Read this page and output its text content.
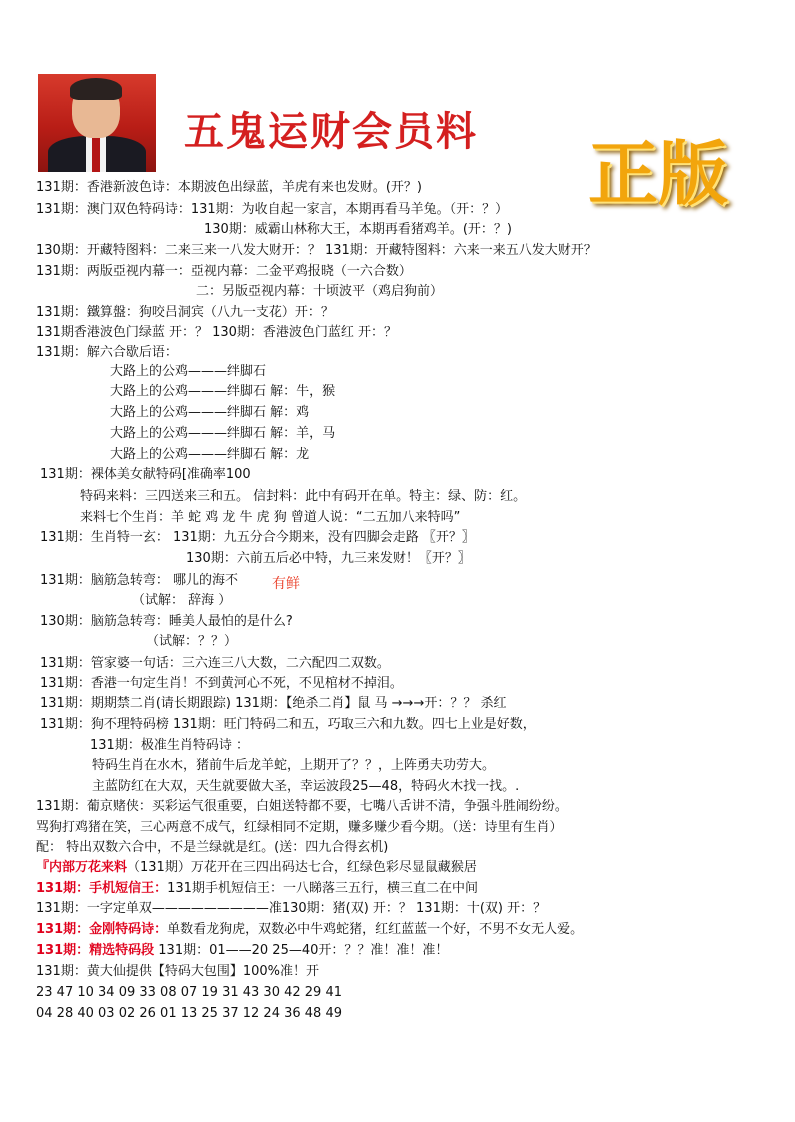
五鬼运财会员料
正版

131期：香港新波色诗：本期波色出绿蓝，羊虎有来也发财。(开？)

131期：澳门双色特码诗：131期：为收自起一家言，本期再看马羊兔。（开：？）

130期：威霸山林称大王，本期再看猪鸡羊。(开：？)

130期：开藏特图料：二来三来一八发大财开：？ 131期：开藏特图料：六来一来五八发大财开？

131期：两版亞视内幕一：亞视内幕：二金平鸡报晓（一六合数）

二：另版亞视内幕：十顷波平（鸡启狗前）

131期：鐵算盤：狗咬吕洞宾（八九一支花）开：？

131期香港波色门绿蓝 开：？ 130期：香港波色门蓝红 开：？

131期：解六合歇后语：

大路上的公鸡———绊脚石

大路上的公鸡———绊脚石 解：牛，猴

大路上的公鸡———绊脚石 解：鸡

大路上的公鸡———绊脚石 解：羊，马

大路上的公鸡———绊脚石 解：龙

131期：裸体美女献特码[准确率100

特码来料：三四送来三和五。 信封料：此中有码开在单。特主：绿、防：红。

来料七个生肖：羊 蛇 鸡 龙 牛 虎 狗 曾道人说：“二五加八来特吗”

131期：生肖特一玄： 131期：九五分合今期来，没有四脚会走路 〖开？〗

130期：六前五后必中特，九三来发财！〖开？〗

131期：脑筋急转弯： 哪儿的海不 有鲜

（试解： 辞海 ）

130期：脑筋急转弯：睡美人最怕的是什么?

（试解：？？）

131期：管家婆一句话：三六连三八大数，二六配四二双数。

131期：香港一句定生肖！不到黄河心不死，不见棺材不掉泪。

131期：期期禁二肖(请长期跟踪) 131期：【绝杀二肖】鼠 马 →→→开：？？ 杀红

131期：狗不理特码榜 131期：旺门特码二和五，巧取三六和九数。四七上业是好数，

131期：极准生肖特码诗 ：

特码生肖在水木，猪前牛后龙羊蛇，上期开了？？，上阵勇夫功劳大。

主蓝防红在大双，天生就要做大圣，幸运波段25—48，特码火木找一找。.

131期：葡京赌侠：买彩运气很重要，白姐送特都不要，七嘴八舌讲不清，争强斗胜闹纷纷。

骂狗打鸡猪在笑，三心两意不成气，红绿相同不定期，赚多赚少看今期。（送：诗里有生肖）

配： 特出双数六合中，不是兰绿就是红。(送：四九合得玄机)

『内部万花来料（131期）万花开在三四出码达七合，红绿色彩尽显鼠藏猴居

131期：手机短信王：131期手机短信王：一八睇落三五行，横三直二在中间

131期：一字定单双—————————准130期：猪(双) 开：？ 131期：十(双) 开：？

131期：金刚特码诗：单数看龙狗虎，双数必中牛鸡蛇猪，红红蓝蓝一个好，不男不女无人爱。

131期：精选特码段 131期：01——20 25—40开：？？准！准！准！

131期：黄大仙提供【特码大包围】100%准！开

23 47 10 34 09 33 08 07 19 31 43 30 42 29 41

04 28 40 03 02 26 01 13 25 37 12 24 36 48 49
